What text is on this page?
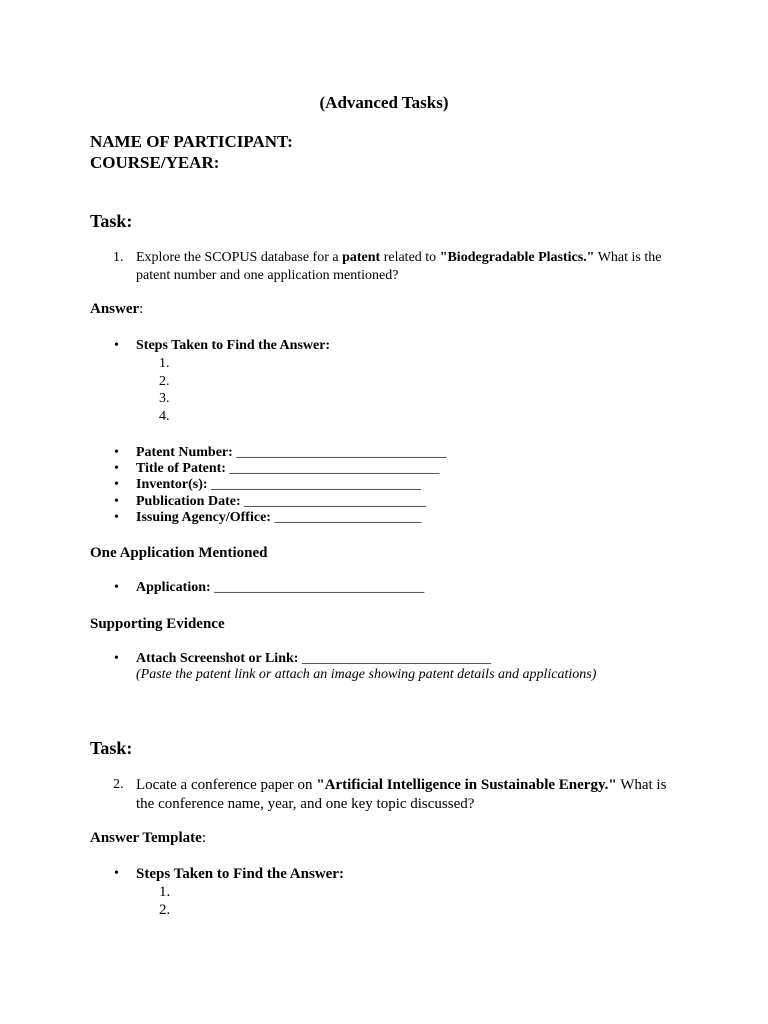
(Advanced Tasks)
NAME OF PARTICIPANT:
COURSE/YEAR:
Task:
1. Explore the SCOPUS database for a patent related to "Biodegradable Plastics." What is the patent number and one application mentioned?
Answer:
• Steps Taken to Find the Answer:
1.
2.
3.
4.
• Patent Number: ______________________________
• Title of Patent: ______________________________
• Inventor(s): ______________________________
• Publication Date: __________________________
• Issuing Agency/Office: _____________________
One Application Mentioned
• Application: ______________________________
Supporting Evidence
• Attach Screenshot or Link: ___________________________
(Paste the patent link or attach an image showing patent details and applications)
Task:
2. Locate a conference paper on "Artificial Intelligence in Sustainable Energy." What is the conference name, year, and one key topic discussed?
Answer Template:
• Steps Taken to Find the Answer:
1.
2.
